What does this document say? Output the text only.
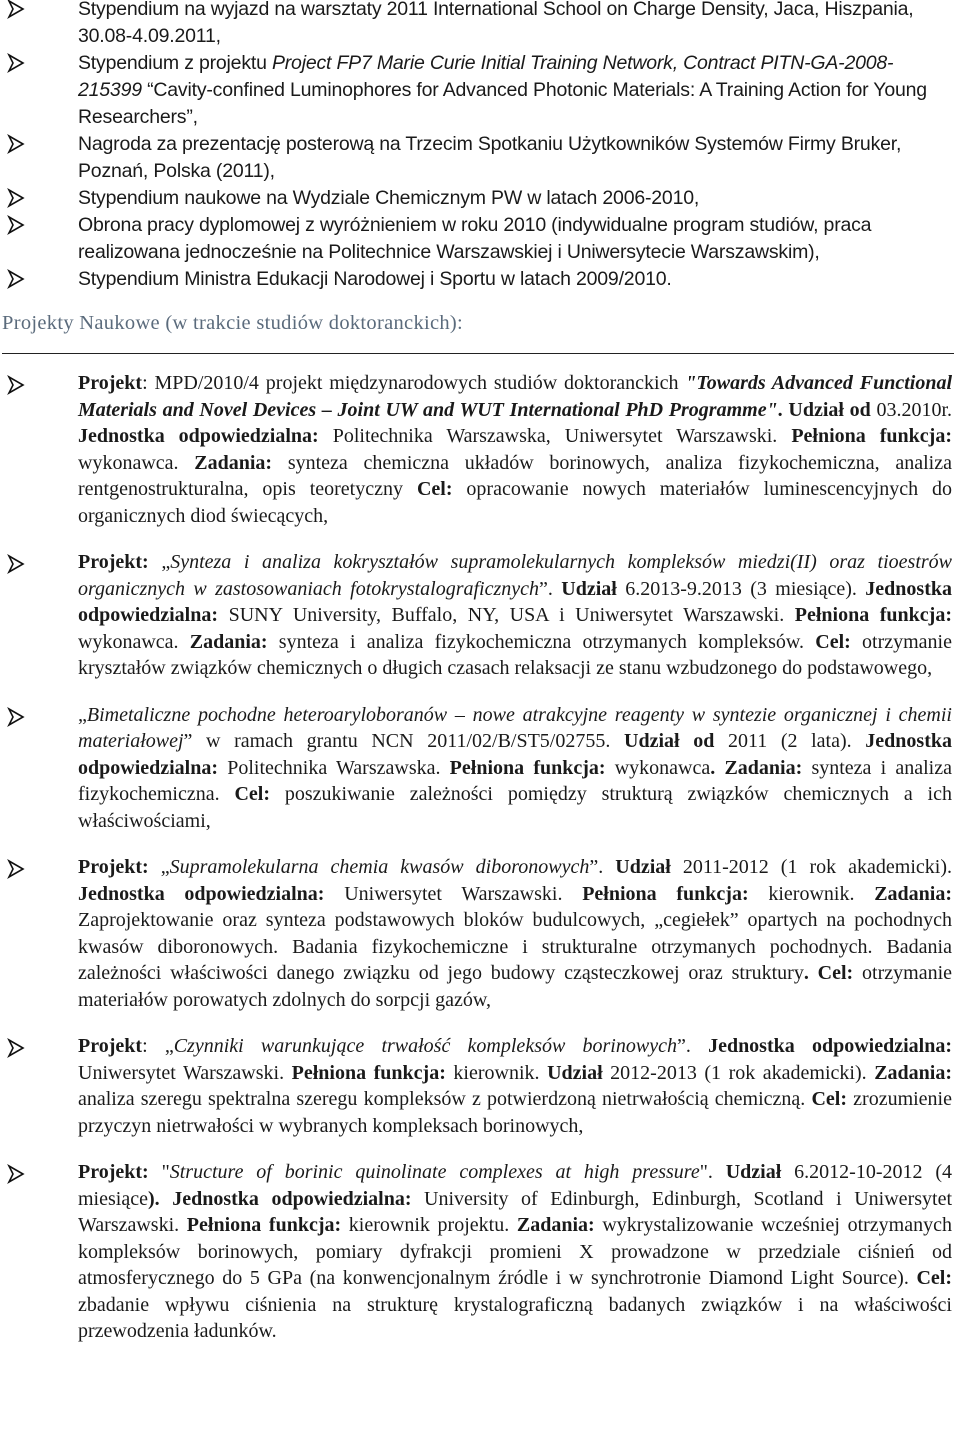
Stypendium na wyjazd na warsztaty 2011 International School on Charge Density, Jaca, Hiszpania, 30.08-4.09.2011,
Stypendium z projektu Project FP7 Marie Curie Initial Training Network, Contract PITN-GA-2008-215399 “Cavity-confined Luminophores for Advanced Photonic Materials: A Training Action for Young Researchers”,
Nagroda za prezentację posterową na Trzecim Spotkaniu Użytkowników Systemów Firmy Bruker, Poznań, Polska (2011),
Stypendium naukowe na Wydziale Chemicznym PW w latach 2006-2010,
Obrona pracy dyplomowej z wyróżnieniem w roku 2010 (indywidualne program studiów, praca realizowana jednocześnie na Politechnice Warszawskiej i Uniwersytecie Warszawskim),
Stypendium Ministra Edukacji Narodowej i Sportu w latach 2009/2010.
Projekty Naukowe (w trakcie studiów doktoranckich):
Projekt: MPD/2010/4 projekt międzynarodowych studiów doktoranckich "Towards Advanced Functional Materials and Novel Devices – Joint UW and WUT International PhD Programme". Udział od 03.2010r. Jednostka odpowiedzialna: Politechnika Warszawska, Uniwersytet Warszawski. Pełniona funkcja: wykonawca. Zadania: synteza chemiczna układów borinowych, analiza fizykochemiczna, analiza rentgenostrukturalna, opis teoretyczny Cel: opracowanie nowych materiałów luminescencyjnych do organicznych diod świecących,
Projekt: „Synteza i analiza kokryształów supramolekularnych kompleksów miedzi(II) oraz tioestrów organicznych w zastosowaniach fotokrystalograficznych”. Udział 6.2013-9.2013 (3 miesiące). Jednostka odpowiedzialna: SUNY University, Buffalo, NY, USA i Uniwersytet Warszawski. Pełniona funkcja: wykonawca. Zadania: synteza i analiza fizykochemiczna otrzymanych kompleksów. Cel: otrzymanie kryształów związków chemicznych o długich czasach relaksacji ze stanu wzbudzonego do podstawowego,
„Bimetaliczne pochodne heteroaryloboranów – nowe atrakcyjne reagenty w syntezie organicznej i chemii materiałowej” w ramach grantu NCN 2011/02/B/ST5/02755. Udział od 2011 (2 lata). Jednostka odpowiedzialna: Politechnika Warszawska. Pełniona funkcja: wykonawca. Zadania: synteza i analiza fizykochemiczna. Cel: poszukiwanie zależności pomiędzy strukturą związków chemicznych a ich właściwościami,
Projekt: „Supramolekularna chemia kwasów diboronowych”. Udział 2011-2012 (1 rok akademicki). Jednostka odpowiedzialna: Uniwersytet Warszawski. Pełniona funkcja: kierownik. Zadania: Zaprojektowanie oraz synteza podstawowych bloków budulcowych, „cegiełek” opartych na pochodnych kwasów diboronowych. Badania fizykochemiczne i strukturalne otrzymanych pochodnych. Badania zależności właściwości danego związku od jego budowy cząsteczkowej oraz struktury. Cel: otrzymanie materiałów porowatych zdolnych do sorpcji gazów,
Projekt: „Czynniki warunkujące trwałość kompleksów borinowych”. Jednostka odpowiedzialna: Uniwersytet Warszawski. Pełniona funkcja: kierownik. Udział 2012-2013 (1 rok akademicki). Zadania: analiza szeregu spektralna szeregu kompleksów z potwierdzoną nietrwałością chemiczną. Cel: zrozumienie przyczyn nietrwałości w wybranych kompleksach borinowych,
Projekt: "Structure of borinic quinolinate complexes at high pressure". Udział 6.2012-10-2012 (4 miesiące). Jednostka odpowiedzialna: University of Edinburgh, Edinburgh, Scotland i Uniwersytet Warszawski. Pełniona funkcja: kierownik projektu. Zadania: wykrystalizowanie wcześniej otrzymanych kompleksów borinowych, pomiary dyfrakcji promieni X prowadzone w przedziale ciśnień od atmosferycznego do 5 GPa (na konwencjonalnym źródle i w synchrotronie Diamond Light Source). Cel: zbadanie wpływu ciśnienia na strukturę krystalograficzną badanych związków i na właściwości przewodzenia ładunków.
